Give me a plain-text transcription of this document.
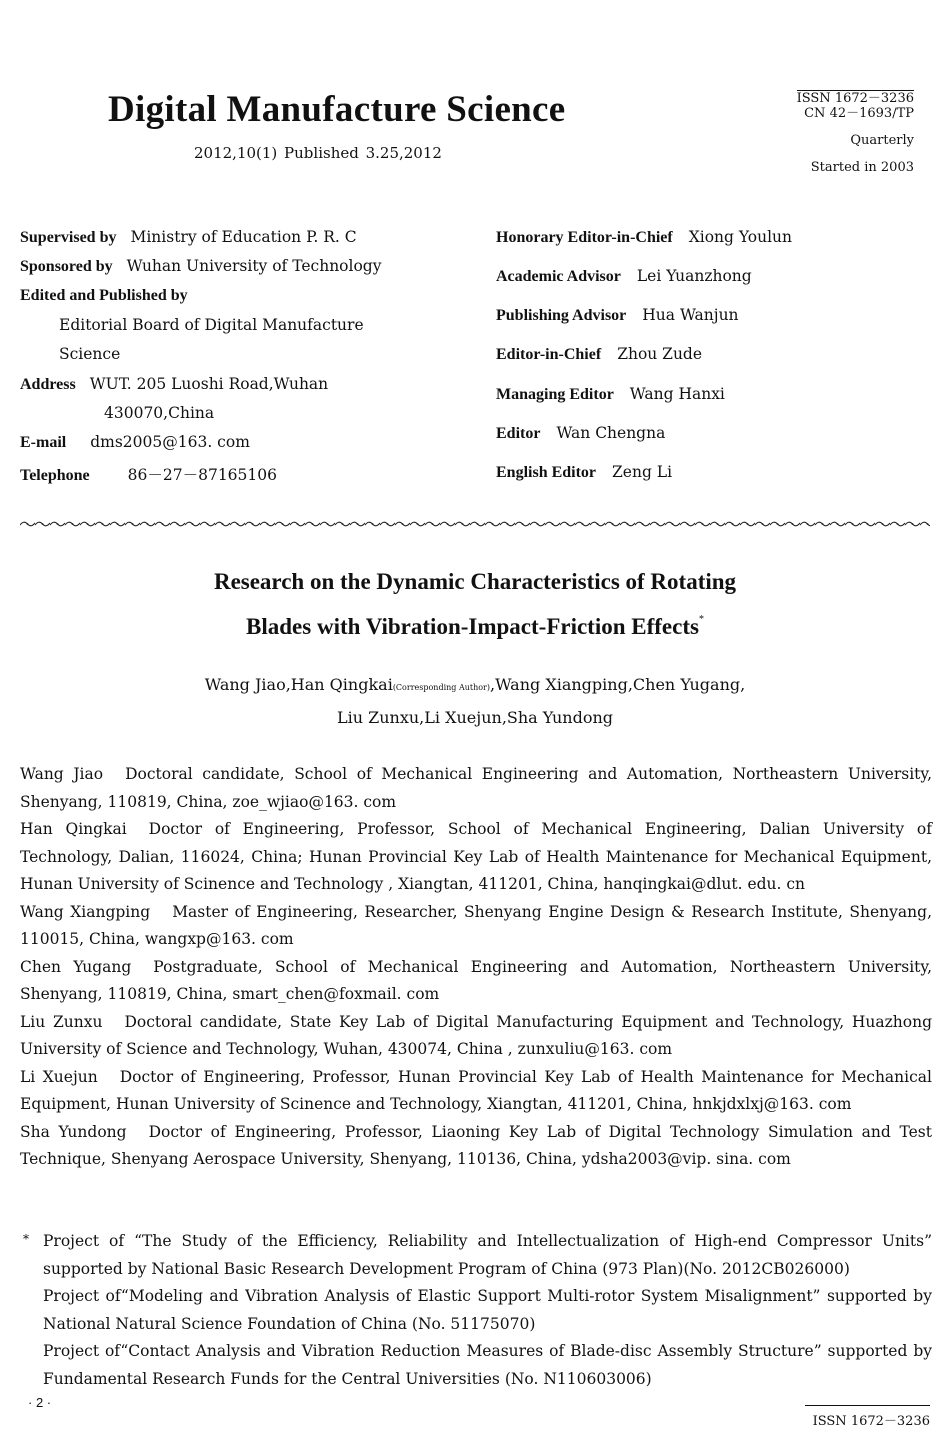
Digital Manufacture Science
2012,10(1) Published 3.25,2012
ISSN 1672－3236
CN 42－1693/TP
Quarterly
Started in 2003
Supervised by Ministry of Education P. R. C
Sponsored by Wuhan University of Technology
Edited and Published by
Editorial Board of Digital Manufacture
Science
Address WUT. 205 Luoshi Road,Wuhan
430070,China
E-mail dms2005@163. com
Telephone 86－27－87165106
Honorary Editor-in-Chief Xiong Youlun
Academic Advisor Lei Yuanzhong
Publishing Advisor Hua Wanjun
Editor-in-Chief Zhou Zude
Managing Editor Wang Hanxi
Editor Wan Chengna
English Editor Zeng Li
Research on the Dynamic Characteristics of Rotating
Blades with Vibration-Impact-Friction Effects*
Wang Jiao,Han Qingkai(Corresponding Author),Wang Xiangping,Chen Yugang,
Liu Zunxu,Li Xuejun,Sha Yundong

Wang Jiao Doctoral candidate, School of Mechanical Engineering and Automation, Northeastern University, Shenyang, 110819, China, zoe_wjiao@163. com

Han Qingkai Doctor of Engineering, Professor, School of Mechanical Engineering, Dalian University of Technology, Dalian, 116024, China; Hunan Provincial Key Lab of Health Maintenance for Mechanical Equipment, Hunan University of Scinence and Technology , Xiangtan, 411201, China, hanqingkai@dlut. edu. cn

Wang Xiangping Master of Engineering, Researcher, Shenyang Engine Design & Research Institute, Shenyang, 110015, China, wangxp@163. com

Chen Yugang Postgraduate, School of Mechanical Engineering and Automation, Northeastern University, Shenyang, 110819, China, smart_chen@foxmail. com

Liu Zunxu Doctoral candidate, State Key Lab of Digital Manufacturing Equipment and Technology, Huazhong University of Science and Technology, Wuhan, 430074, China , zunxuliu@163. com

Li Xuejun Doctor of Engineering, Professor, Hunan Provincial Key Lab of Health Maintenance for Mechanical Equipment, Hunan University of Scinence and Technology, Xiangtan, 411201, China, hnkjdxlxj@163. com

Sha Yundong Doctor of Engineering, Professor, Liaoning Key Lab of Digital Technology Simulation and Test Technique, Shenyang Aerospace University, Shenyang, 110136, China, ydsha2003@vip. sina. com

* Project of “The Study of the Efficiency, Reliability and Intellectualization of High-end Compressor Units” supported by National Basic Research Development Program of China (973 Plan)(No. 2012CB026000)
Project of“Modeling and Vibration Analysis of Elastic Support Multi-rotor System Misalignment” supported by National Natural Science Foundation of China (No. 51175070)
Project of“Contact Analysis and Vibration Reduction Measures of Blade-disc Assembly Structure” supported by Fundamental Research Funds for the Central Universities (No. N110603006)
· 2 ·
ISSN 1672－3236
